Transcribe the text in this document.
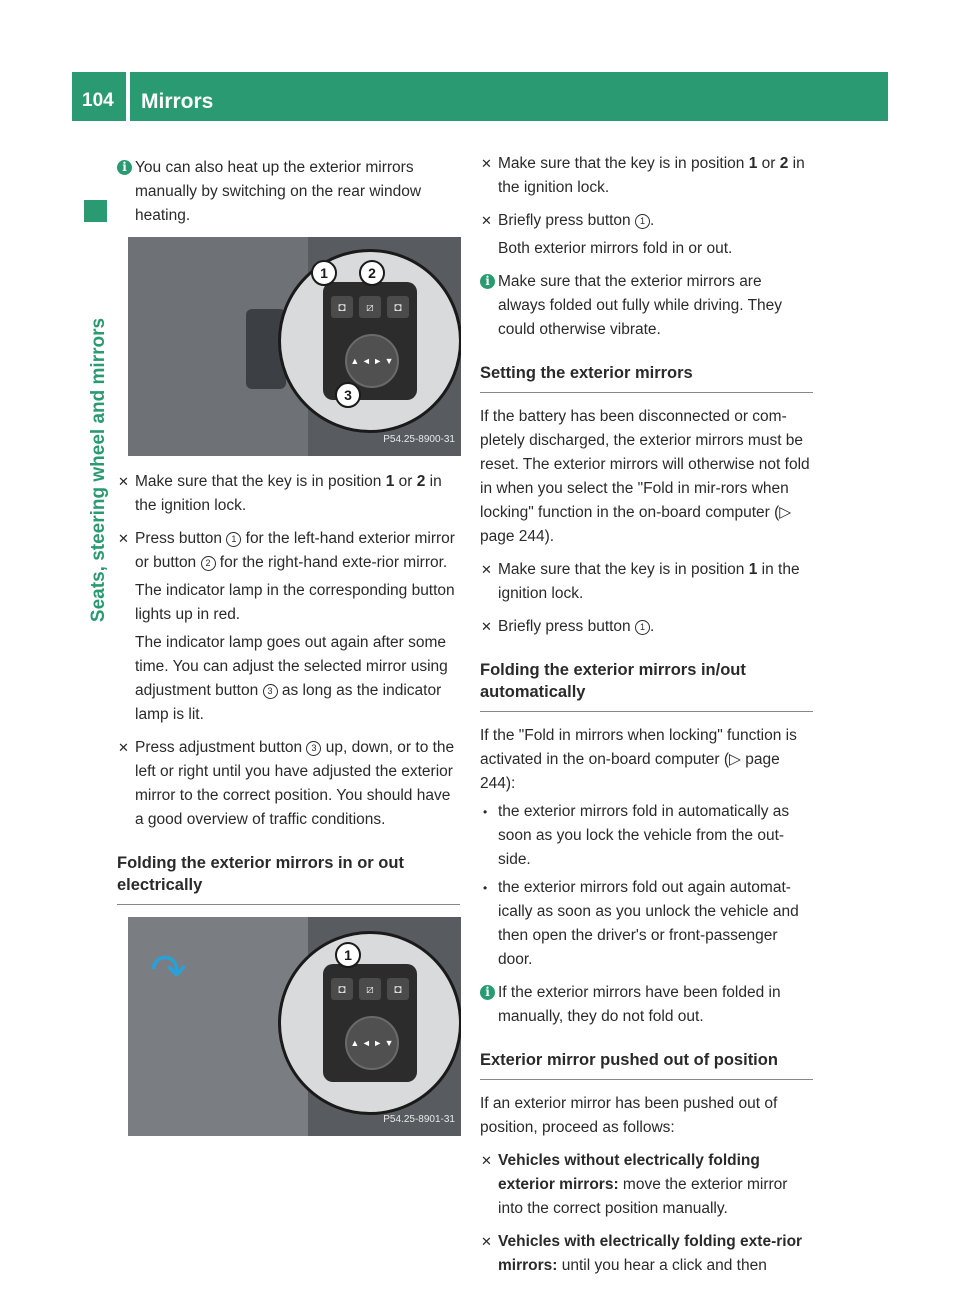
104 Mirrors
Seats, steering wheel and mirrors

i You can also heat up the exterior mirrors manually by switching on the rear window heating.

◘	⧄	◘
▲ ◄ ► ▼
1	2
3
P54.25-8900-31

✕ Make sure that the key is in position 1 or 2 in the ignition lock.

✕ Press button 1 for the left-hand exterior mirror or button 2 for the right-hand exte-rior mirror.

The indicator lamp in the corresponding button lights up in red.

The indicator lamp goes out again after some time. You can adjust the selected mirror using adjustment button 3 as long as the indicator lamp is lit.

✕ Press adjustment button 3 up, down, or to the left or right until you have adjusted the exterior mirror to the correct position. You should have a good overview of traffic conditions.

Folding the exterior mirrors in or out electrically
↷	◘	⧄	◘
▲ ◄ ► ▼
1
P54.25-8901-31

✕ Make sure that the key is in position 1 or 2 in the ignition lock.

✕ Briefly press button 1 .

Both exterior mirrors fold in or out.

i Make sure that the exterior mirrors are always folded out fully while driving. They could otherwise vibrate.

Setting the exterior mirrors

If the battery has been disconnected or com-pletely discharged, the exterior mirrors must be reset. The exterior mirrors will otherwise not fold in when you select the "Fold in mir-rors when locking" function in the on-board computer (▷ page 244).

✕ Make sure that the key is in position 1 in the ignition lock.

✕ Briefly press button 1 .

Folding the exterior mirrors in/out automatically

If the "Fold in mirrors when locking" function is activated in the on-board computer (▷ page 244):

• the exterior mirrors fold in automatically as soon as you lock the vehicle from the out-side.

• the exterior mirrors fold out again automat-ically as soon as you unlock the vehicle and then open the driver's or front-passenger door.

i If the exterior mirrors have been folded in manually, they do not fold out.

Exterior mirror pushed out of position

If an exterior mirror has been pushed out of position, proceed as follows:

✕ Vehicles without electrically folding exterior mirrors: move the exterior mirror into the correct position manually.

✕ Vehicles with electrically folding exte-rior mirrors: until you hear a click and then
